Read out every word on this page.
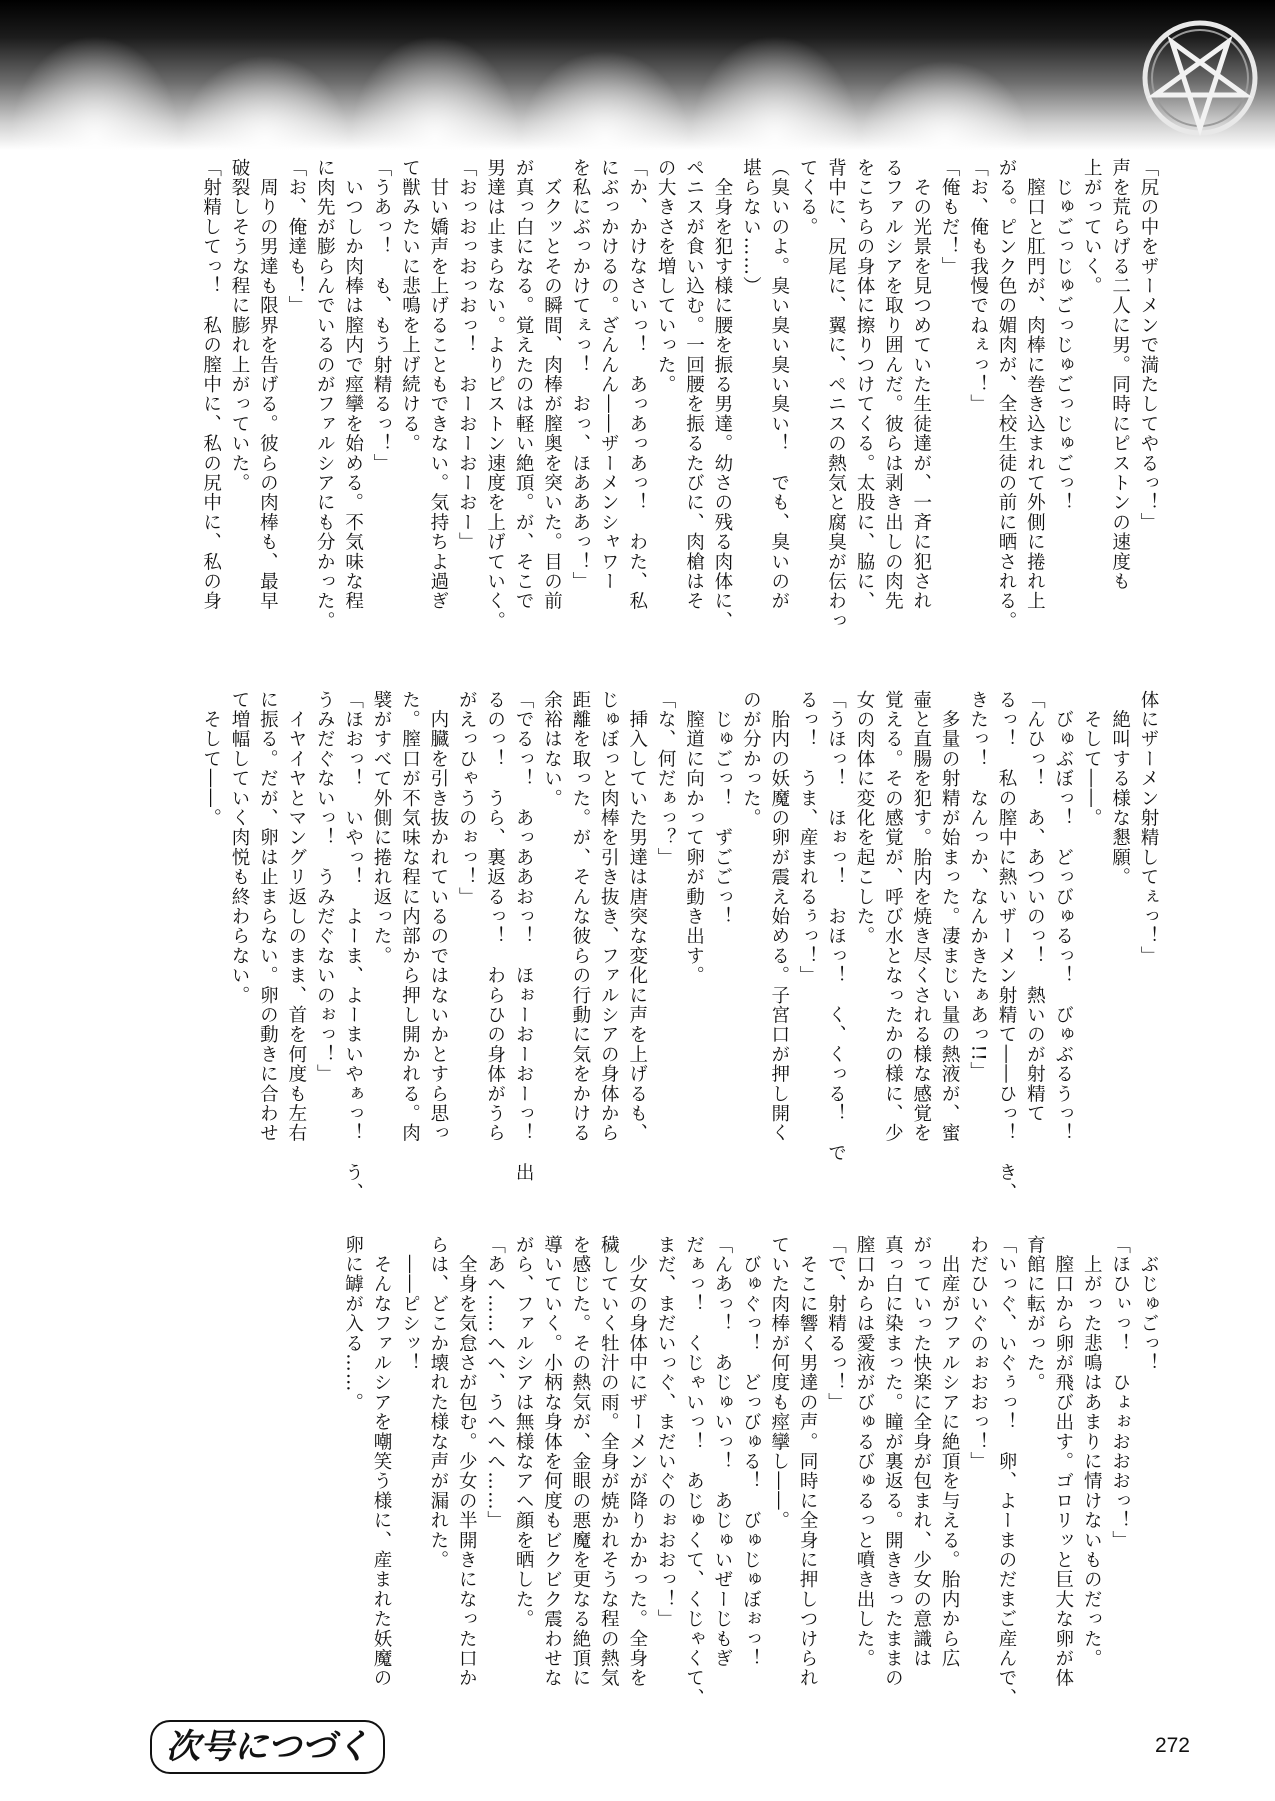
「尻の中をザーメンで満たしてやるっ！」
声を荒らげる二人に男。同時にピストンの速度も
上がっていく。
　じゅごっじゅごっじゅごっじゅごっ！
　膣口と肛門が、肉棒に巻き込まれて外側に捲れ上
がる。ピンク色の媚肉が、全校生徒の前に晒される。
「お、俺も我慢でねぇっ！」
「俺もだ！」
　その光景を見つめていた生徒達が、一斉に犯され
るファルシアを取り囲んだ。彼らは剥き出しの肉先
をこちらの身体に擦りつけてくる。太股に、脇に、
背中に、尻尾に、翼に、ペニスの熱気と腐臭が伝わっ
てくる。
（臭いのよ。臭い臭い臭い臭い！　でも、臭いのが
堪らない……）
　全身を犯す様に腰を振る男達。幼さの残る肉体に、
ペニスが食い込む。一回腰を振るたびに、肉槍はそ
の大きさを増していった。
「か、かけなさいっ！　あっあっあっ！　わた、私
にぶっかけるの。ざんんん――ザーメンシャワー
を私にぶっかけてぇっ！　おっ、ほあああっ！」
　ズクッとその瞬間、肉棒が膣奥を突いた。目の前
が真っ白になる。覚えたのは軽い絶頂。が、そこで
男達は止まらない。よりピストン速度を上げていく。
「おっおっおっおっ！　おーおーおーおー」
　甘い嬌声を上げることもできない。気持ちよ過ぎ
て獣みたいに悲鳴を上げ続ける。
「うあっ！　も、もう射精るっ！」
　いつしか肉棒は膣内で痙攣を始める。不気味な程
に肉先が膨らんでいるのがファルシアにも分かった。
「お、俺達も！」
　周りの男達も限界を告げる。彼らの肉棒も、最早
破裂しそうな程に膨れ上がっていた。
「射精してっ！　私の膣中に、私の尻中に、私の身
体にザーメン射精してぇっ！」
　絶叫する様な懇願。
　そして――。
　びゅぶぼっ！　どっびゅるっ！　びゅぶるうっ！
「んひっ！　あ、あついのっ！　熱いのが射精て
るっ！　私の膣中に熱いザーメン射精て――ひっ！　き、
きたっ！　なんっか、なんかきたぁあっ!!」
　多量の射精が始まった。凄まじい量の熱液が、蜜
壷と直腸を犯す。胎内を焼き尽くされる様な感覚を
覚える。その感覚が、呼び水となったかの様に、少
女の肉体に変化を起こした。
「うほっ！　ほぉっ！　おほっ！　く、くっる！　で
るっ！　うま、産まれるぅっ！」
　胎内の妖魔の卵が震え始める。子宮口が押し開く
のが分かった。
　じゅごっ！　ずごごっ！
　膣道に向かって卵が動き出す。
「な、何だぁっ？」
　挿入していた男達は唐突な変化に声を上げるも、
じゅぼっと肉棒を引き抜き、ファルシアの身体から
距離を取った。が、そんな彼らの行動に気をかける
余裕はない。
「でるっ！　あっああおっ！　ほぉーおーおーっ！　出
るのっ！　うら、裏返るっ！　わらひの身体がうら
がえっひゃうのぉっ！」
　内臓を引き抜かれているのではないかとすら思っ
た。膣口が不気味な程に内部から押し開かれる。肉
襞がすべて外側に捲れ返った。
「ほおっ！　いやっ！　よーま、よーまいやぁっ！　う、
うみだぐないっ！　うみだぐないのぉっ！」
　イヤイヤとマングリ返しのまま、首を何度も左右
に振る。だが、卵は止まらない。卵の動きに合わせ
て増幅していく肉悦も終わらない。
　そして――。
　ぶじゅごっ！
「ほひぃっ！　ひょぉおおおっ！」
　上がった悲鳴はあまりに情けないものだった。
　膣口から卵が飛び出す。ゴロリッと巨大な卵が体
育館に転がった。
「いっぐ、いぐぅっ！　卵、よーまのだまご産んで、
わだひいぐのぉおおっ！」
　出産がファルシアに絶頂を与える。胎内から広
がっていった快楽に全身が包まれ、少女の意識は
真っ白に染まった。瞳が裏返る。開ききったままの
膣口からは愛液がびゅるびゅるっと噴き出した。
「で、射精るっ！」
　そこに響く男達の声。同時に全身に押しつけられ
ていた肉棒が何度も痙攣し――。
　びゅぐっ！　どっびゅる！　びゅじゅぼぉっ！
「んあっ！　あじゅいっ！　あじゅいぜーじもぎ
だぁっ！　くじゃいっ！　あじゅくて、くじゃくて、
まだ、まだいっぐ、まだいぐのぉおおっ！」
　少女の身体中にザーメンが降りかかった。全身を
穢していく牡汁の雨。全身が焼かれそうな程の熱気
を感じた。その熱気が、金眼の悪魔を更なる絶頂に
導いていく。小柄な身体を何度もビクビク震わせな
がら、ファルシアは無様なアヘ顔を晒した。
「あへ……へへ、うへへへ……」
　全身を気怠さが包む。少女の半開きになった口か
らは、どこか壊れた様な声が漏れた。
　――ピシッ！
　そんなファルシアを嘲笑う様に、産まれた妖魔の
卵に罅が入る……。
次号につづく	272
